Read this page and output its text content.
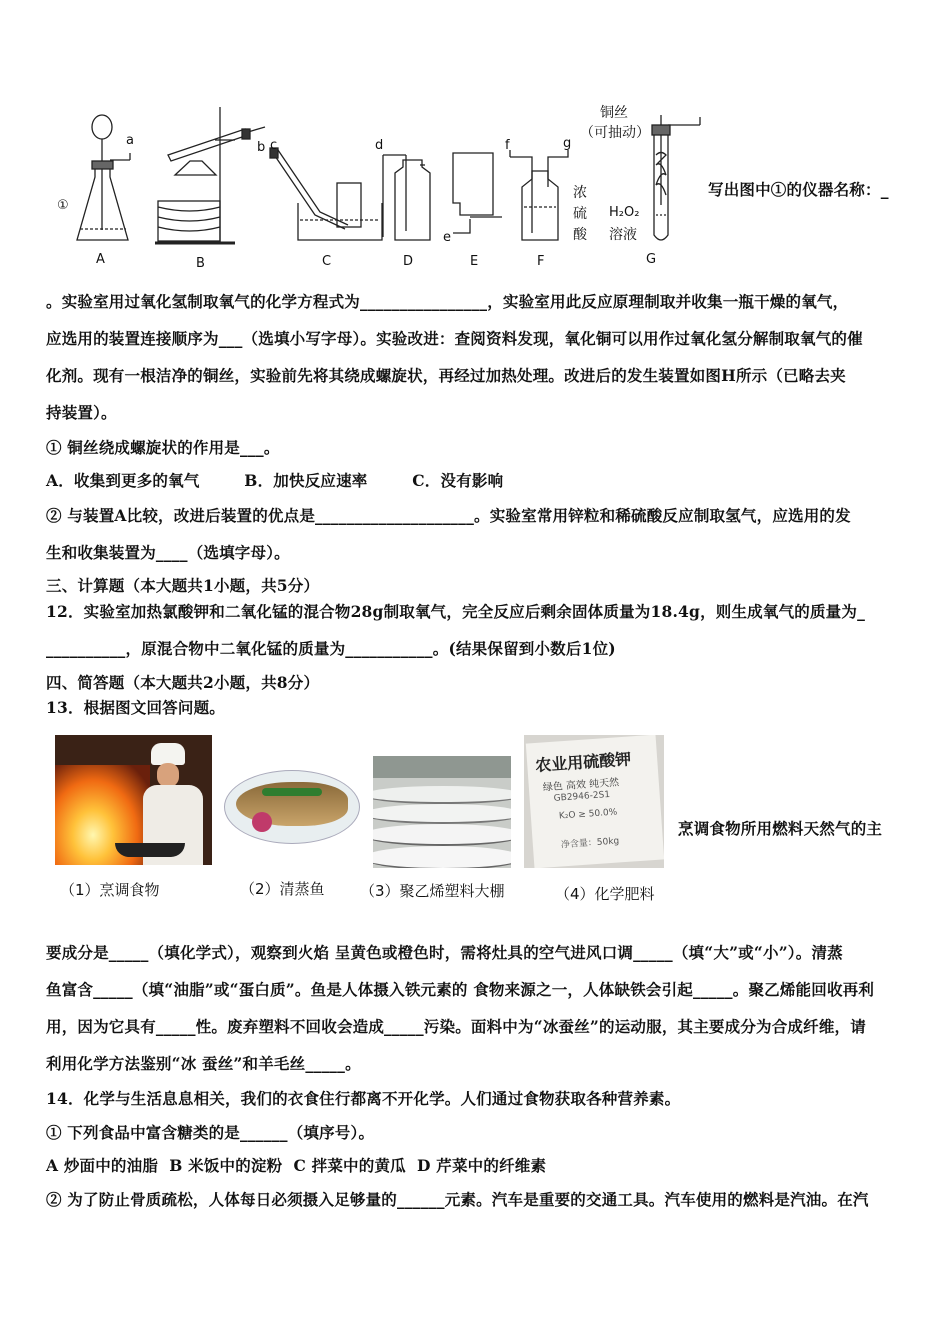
A	B	C	D	E	F	G
a
①
b c	d
e
f	g
浓
硫
酸
铜丝
（可抽动）
H₂O₂
溶液
写出图中①的仪器名称：_
。实验室用过氧化氢制取氧气的化学方程式为________________，实验室用此反应原理制取并收集一瓶干燥的氧气，
应选用的装置连接顺序为___（选填小写字母）。实验改进：查阅资料发现，氧化铜可以用作过氧化氢分解制取氧气的催
化剂。现有一根洁净的铜丝，实验前先将其绕成螺旋状，再经过加热处理。改进后的发生装置如图H所示（已略去夹
持装置）。
① 铜丝绕成螺旋状的作用是___。
A．收集到更多的氧气        B．加快反应速率        C．没有影响
② 与装置A比较，改进后装置的优点是____________________。实验室常用锌粒和稀硫酸反应制取氢气，应选用的发
生和收集装置为____（选填字母）。
三、计算题（本大题共1小题，共5分）
12．实验室加热氯酸钾和二氧化锰的混合物28g制取氧气，完全反应后剩余固体质量为18.4g，则生成氧气的质量为_
__________，原混合物中二氧化锰的质量为___________。(结果保留到小数后1位)
四、简答题（本大题共2小题，共8分）
13．根据图文回答问题。
农业用硫酸钾
绿色 高效 纯天然
GB2946-2S1
K₂O ≥ 50.0%
净含量：50kg
烹调食物所用燃料天然气的主
（1）烹调食物	（2）清蒸鱼 （3）聚乙烯塑料大棚	（4）化学肥料
要成分是_____（填化学式），观察到火焰 呈黄色或橙色时，需将灶具的空气进风口调_____（填“大”或“小”）。清蒸
鱼富含_____（填“油脂”或“蛋白质”。鱼是人体摄入铁元素的 食物来源之一，人体缺铁会引起_____。聚乙烯能回收再利
用，因为它具有_____性。废弃塑料不回收会造成_____污染。面料中为“冰蚕丝”的运动服，其主要成分为合成纤维，请
利用化学方法鉴别“冰 蚕丝”和羊毛丝_____。
14．化学与生活息息相关，我们的衣食住行都离不开化学。人们通过食物获取各种营养素。
① 下列食品中富含糖类的是______（填序号）。
A 炒面中的油脂  B 米饭中的淀粉  C 拌菜中的黄瓜  D 芹菜中的纤维素
② 为了防止骨质疏松，人体每日必须摄入足够量的______元素。汽车是重要的交通工具。汽车使用的燃料是汽油。在汽
